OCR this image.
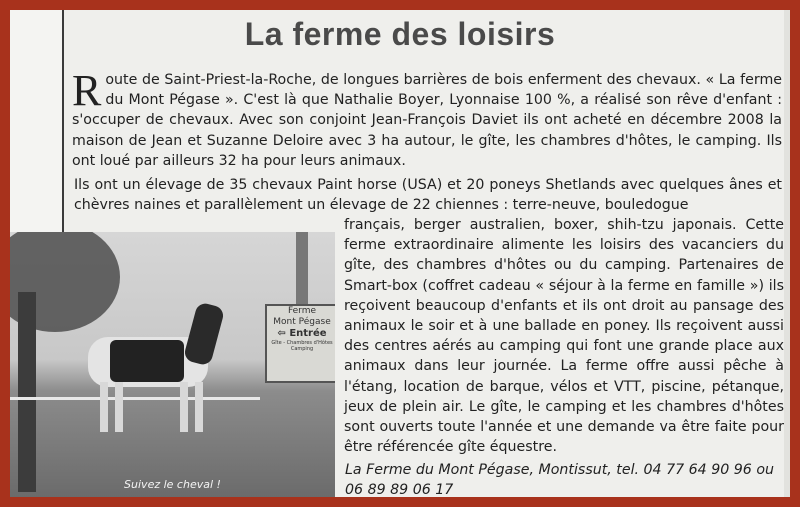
La ferme des loisirs
R oute de Saint-Priest-la-Roche, de longues barrières de bois enferment des chevaux. « La ferme du Mont Pégase ». C'est là que Nathalie Boyer, Lyonnaise 100 %, a réalisé son rêve d'enfant : s'occuper de chevaux. Avec son conjoint Jean-François Daviet ils ont acheté en décembre 2008 la maison de Jean et Suzanne Deloire avec 3 ha autour, le gîte, les chambres d'hôtes, le camping. Ils ont loué par ailleurs 32 ha pour leurs animaux.
Ils ont un élevage de 35 chevaux Paint horse (USA) et 20 poneys Shetlands avec quelques ânes et chèvres naines et parallèlement un élevage de 22 chiennes : terre-neuve, bouledogue
français, berger australien, boxer, shih-tzu japonais. Cette ferme extraordinaire alimente les loisirs des vacanciers du gîte, des chambres d'hôtes ou du camping. Partenaires de Smart-box (coffret cadeau « séjour à la ferme en famille ») ils reçoivent beaucoup d'enfants et ils ont droit au pansage des animaux le soir et à une ballade en poney. Ils reçoivent aussi des centres aérés au camping qui font une grande place aux animaux dans leur journée. La ferme offre aussi pêche à l'étang, location de barque, vélos et VTT, piscine, pétanque, jeux de plein air. Le gîte, le camping et les chambres d'hôtes sont ouverts toute l'année et une demande va être faite pour être référencée gîte équestre.
La Ferme du Mont Pégase, Montissut, tel. 04 77 64 90 96 ou 06 89 89 06 17
Ferme
Mont Pégase
⇦ Entrée
Gîte - Chambres d'Hôtes
Camping
Suivez le cheval !
